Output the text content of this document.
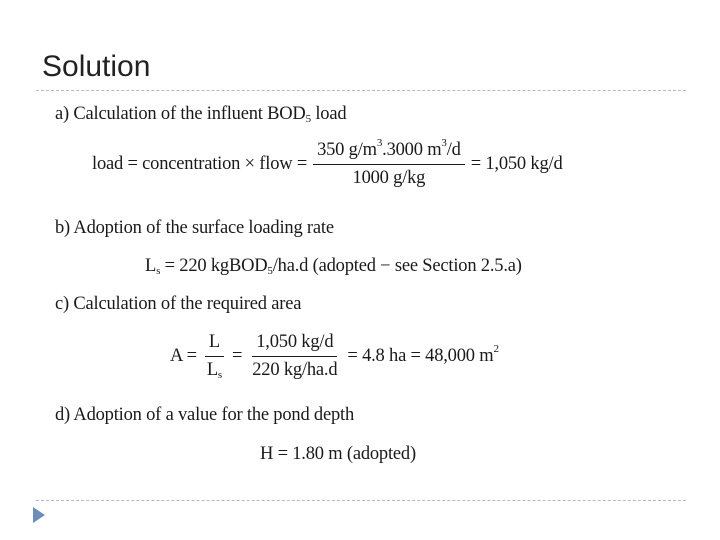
Solution
a) Calculation of the influent $BOD_5$ load
load = concentration × flow = $\frac{350 g/m^3.3000 m^3/d}{1000 g/kg} = 1,050$ kg/d
b) Adoption of the surface loading rate
$L_s = 220$ kgBOD$_5$/ha.d (adopted − see Section 2.5.a)
c) Calculation of the required area
$A = \frac{L}{L_s} = \frac{1,050 kg/d}{220 kg/ha.d} = 4.8$ ha = 48,000 $m^2$
d) Adoption of a value for the pond depth
H = 1.80 m (adopted)
